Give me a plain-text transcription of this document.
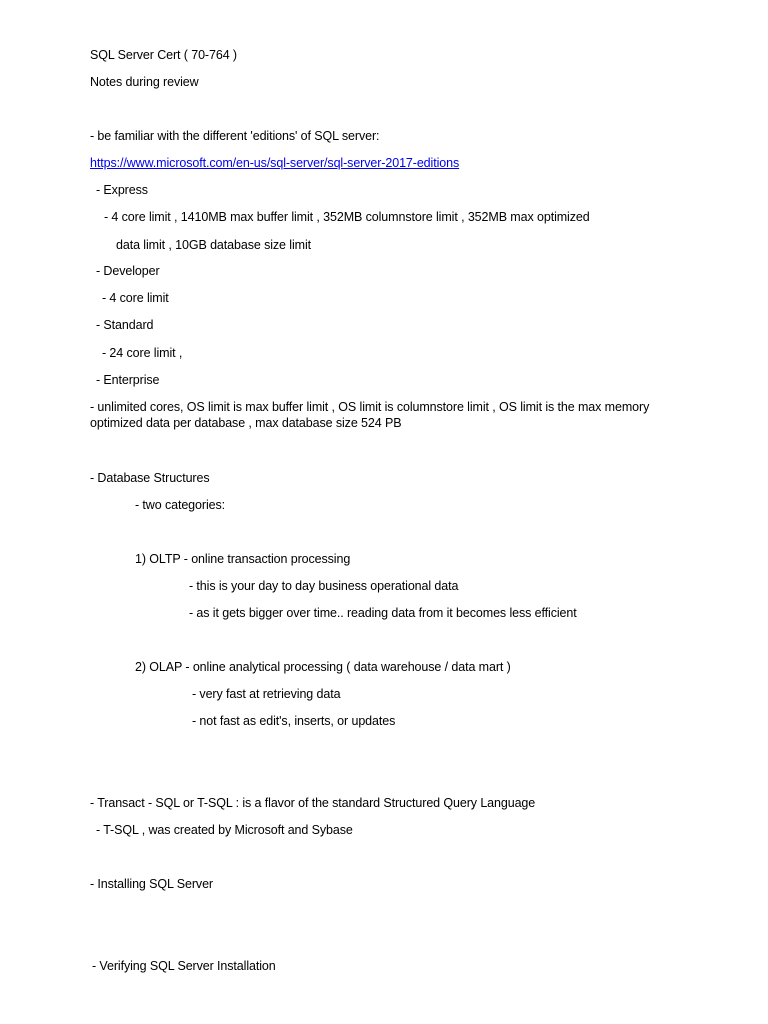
SQL Server Cert ( 70-764 )
Notes during review
- be familiar with the different 'editions' of SQL server:
https://www.microsoft.com/en-us/sql-server/sql-server-2017-editions
- Express
- 4 core limit , 1410MB max buffer limit , 352MB columnstore limit , 352MB max optimized
data limit , 10GB database size limit
- Developer
- 4 core limit
- Standard
- 24 core limit ,
- Enterprise
- unlimited cores, OS limit is max buffer limit , OS limit is columnstore limit , OS limit is the max memory optimized data per database , max database size 524 PB
- Database Structures
- two categories:
1) OLTP - online transaction processing
- this is your day to day business operational data
- as it gets bigger over time.. reading data from it becomes less efficient
2) OLAP - online analytical processing ( data warehouse / data mart )
- very fast at retrieving data
- not fast as edit's, inserts, or updates
- Transact - SQL or T-SQL : is a flavor of the standard Structured Query Language
- T-SQL , was created by Microsoft and Sybase
- Installing SQL Server
- Verifying SQL Server Installation
